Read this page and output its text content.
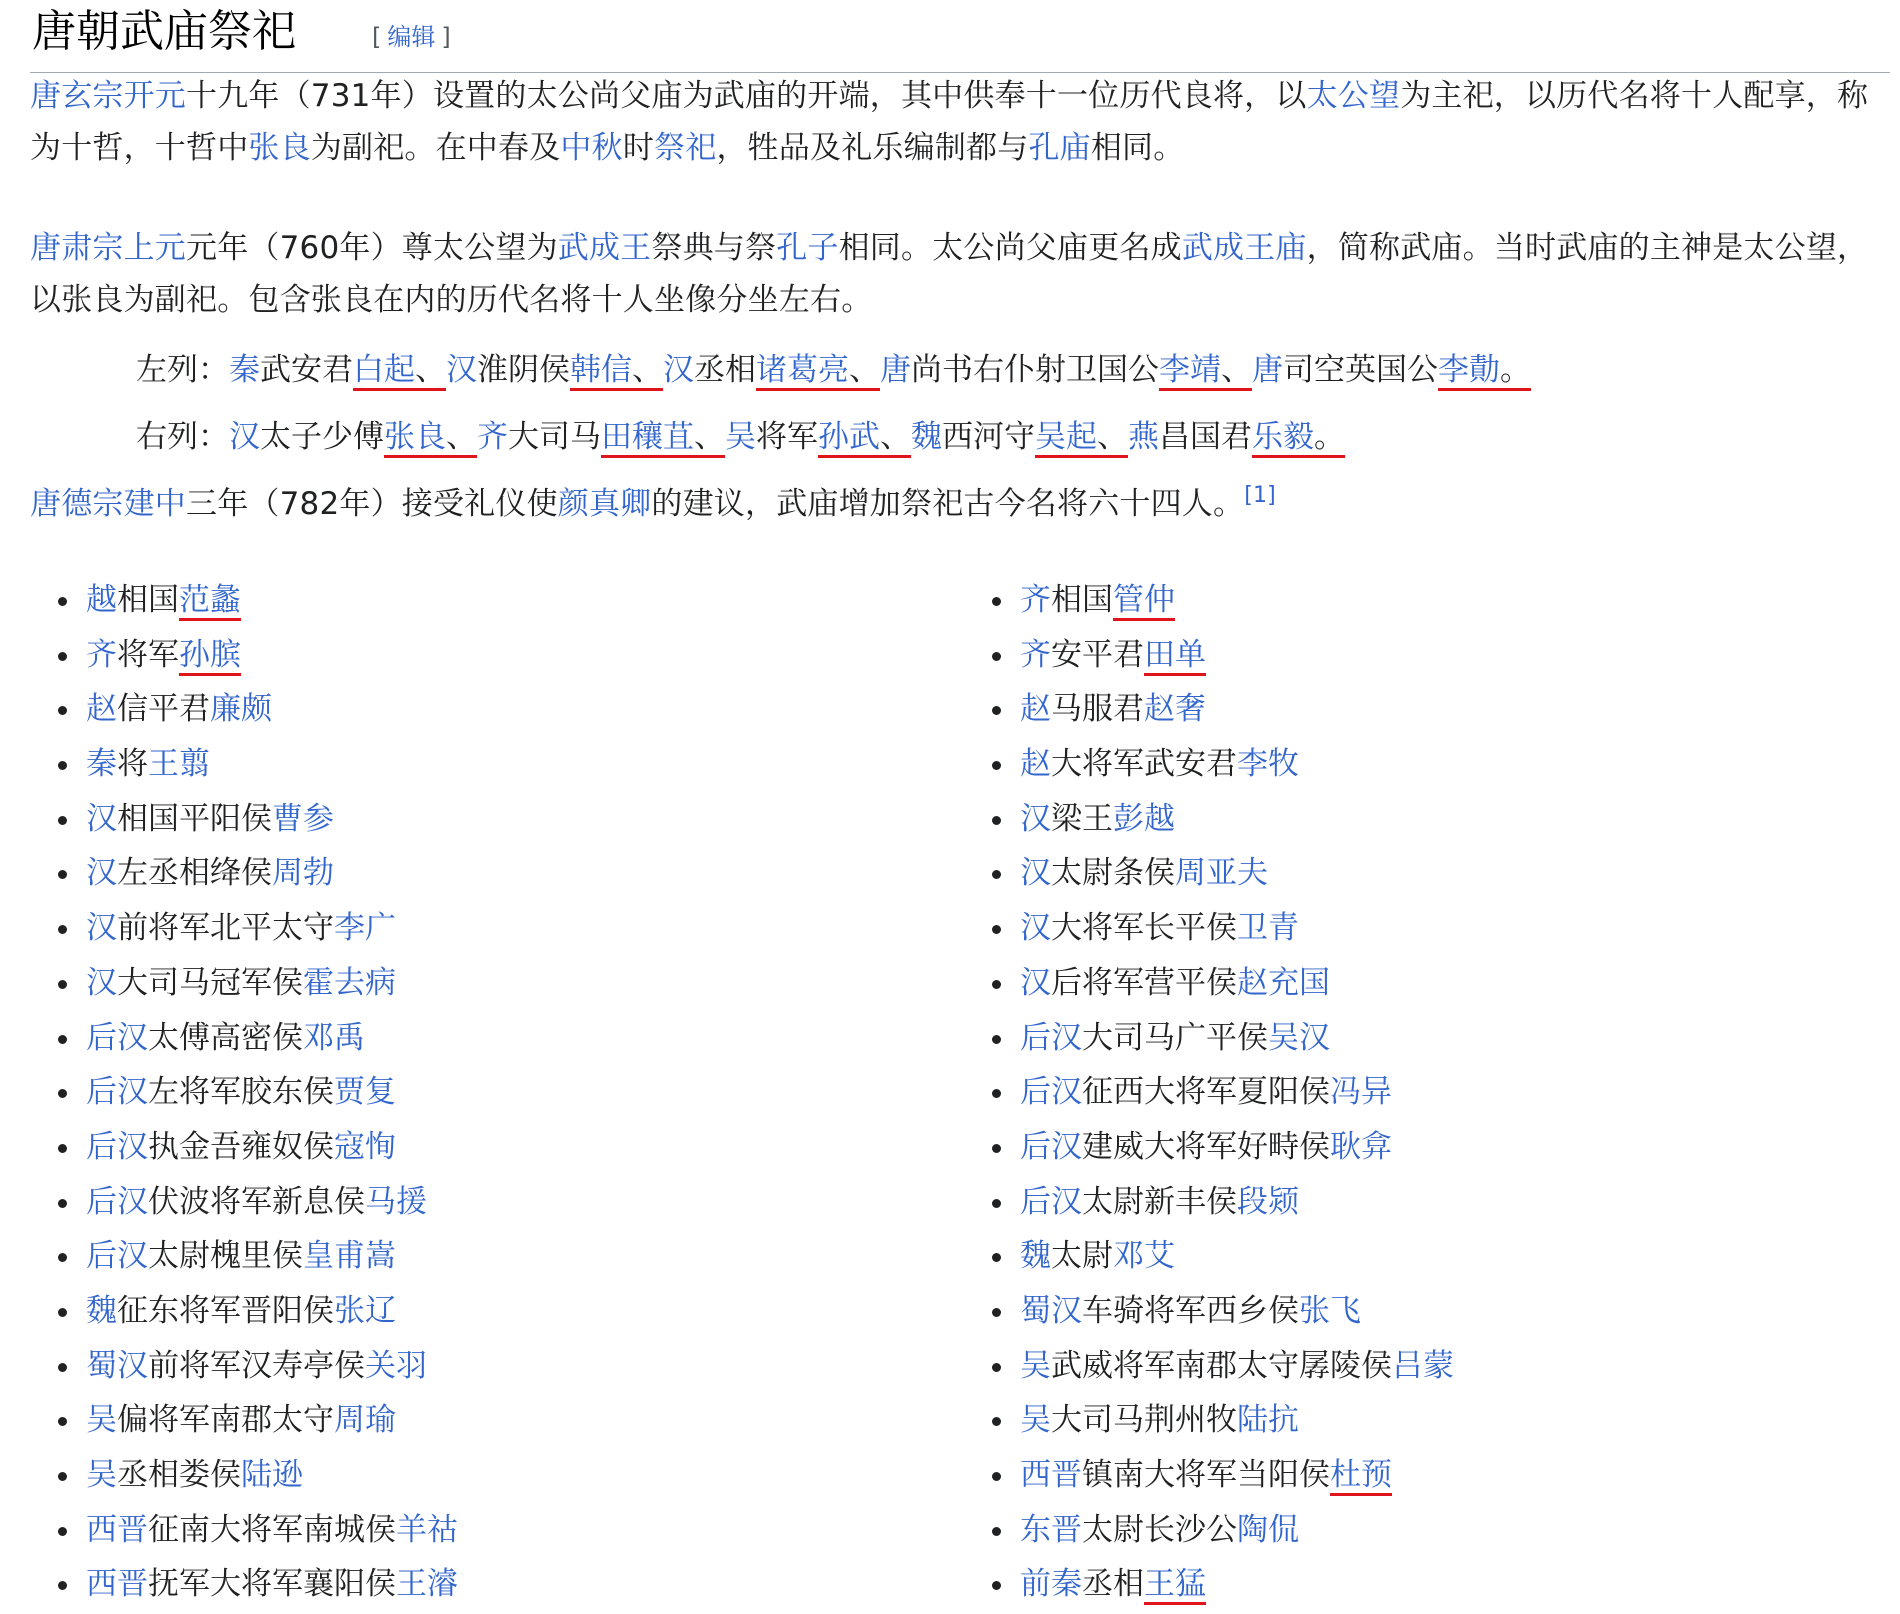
唐朝武庙祭祀	[ 编辑 ]

唐玄宗开元十九年（731年）设置的太公尚父庙为武庙的开端，其中供奉十一位历代良将，以太公望为主祀，以历代名将十人配享，称为十哲，十哲中张良为副祀。在中春及中秋时祭祀，牲品及礼乐编制都与孔庙相同。

唐肃宗上元元年（760年）尊太公望为武成王祭典与祭孔子相同。太公尚父庙更名成武成王庙，简称武庙。当时武庙的主神是太公望，以张良为副祀。包含张良在内的历代名将十人坐像分坐左右。

左列：秦武安君白起、汉淮阴侯韩信、汉丞相诸葛亮、唐尚书右仆射卫国公李靖、唐司空英国公李勣。

右列：汉太子少傅张良、齐大司马田穰苴、吴将军孙武、魏西河守吴起、燕昌国君乐毅。

唐德宗建中三年（782年）接受礼仪使颜真卿的建议，武庙增加祭祀古今名将六十四人。[1]

越相国范蠡
齐将军孙膑
赵信平君廉颇
秦将王翦
汉相国平阳侯曹参
汉左丞相绛侯周勃
汉前将军北平太守李广
汉大司马冠军侯霍去病
后汉太傅高密侯邓禹
后汉左将军胶东侯贾复
后汉执金吾雍奴侯寇恂
后汉伏波将军新息侯马援
后汉太尉槐里侯皇甫嵩
魏征东将军晋阳侯张辽
蜀汉前将军汉寿亭侯关羽
吴偏将军南郡太守周瑜
吴丞相娄侯陆逊
西晋征南大将军南城侯羊祜
西晋抚军大将军襄阳侯王濬
齐相国管仲
齐安平君田单
赵马服君赵奢
赵大将军武安君李牧
汉梁王彭越
汉太尉条侯周亚夫
汉大将军长平侯卫青
汉后将军营平侯赵充国
后汉大司马广平侯吴汉
后汉征西大将军夏阳侯冯异
后汉建威大将军好畤侯耿弇
后汉太尉新丰侯段颎
魏太尉邓艾
蜀汉车骑将军西乡侯张飞
吴武威将军南郡太守孱陵侯吕蒙
吴大司马荆州牧陆抗
西晋镇南大将军当阳侯杜预
东晋太尉长沙公陶侃
前秦丞相王猛
